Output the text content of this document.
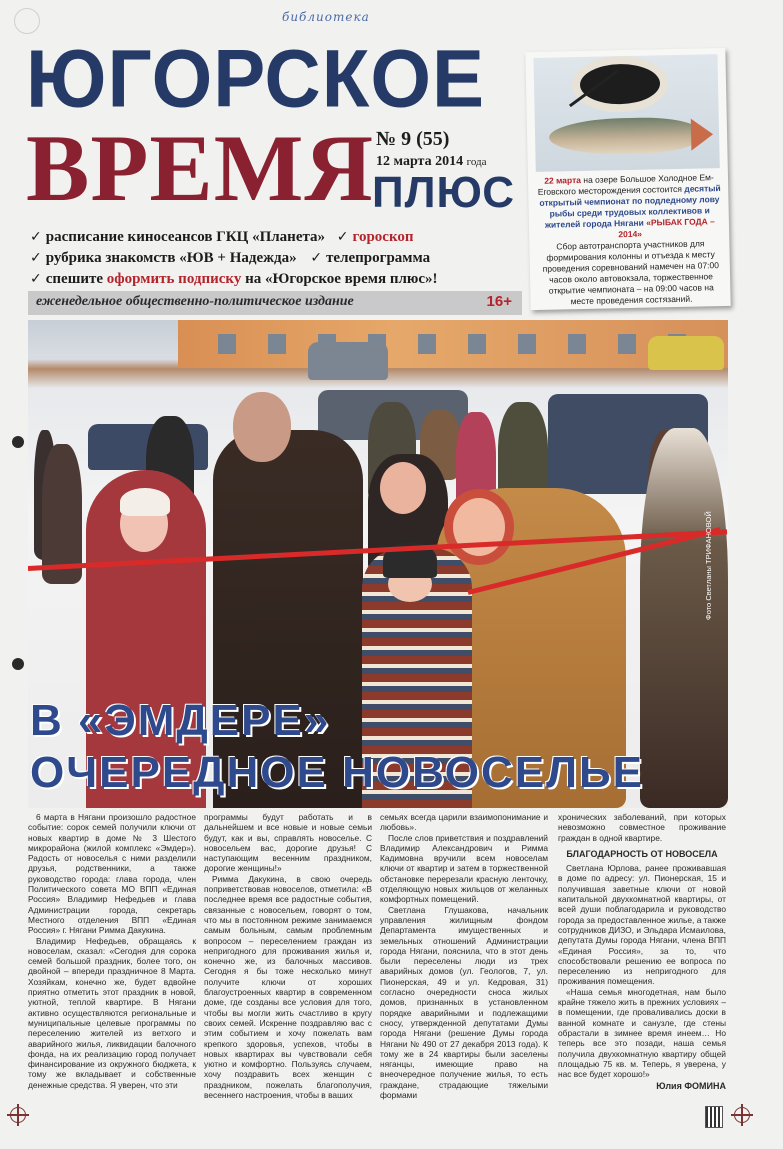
библиотека
ЮГОРСКОЕ
ВРЕМЯ № 9 (55)
12 марта 2014 года
ПЛЮС
✓ расписание киносеансов ГКЦ «Планета» ✓ гороскоп
✓ рубрика знакомств «ЮВ + Надежда» ✓ телепрограмма
✓ спешите оформить подписку на «Югорское время плюс»!
еженедельное общественно-политическое издание	16+
22 марта на озере Большое Холодное Ем-Еговского месторождения состоится десятый открытый чемпионат по подледному лову рыбы среди трудовых коллективов и жителей города Нягани «РЫБАК ГОДА – 2014»
Сбор автотранспорта участников для формирования колонны и отъезда к месту проведения соревнований намечен на 07:00 часов около автовокзала, торжественное открытие чемпионата – на 09:00 часов на месте проведения состязаний.
Фото Светланы ТРИФАНОВОЙ
В «ЭМДЕРЕ»
ОЧЕРЕДНОЕ НОВОСЕЛЬЕ

6 марта в Нягани произошло радостное событие: сорок семей получили ключи от новых квартир в доме № 3 Шестого микрорайона (жилой комплекс «Эмдер»). Радость от новоселья с ними разделили друзья, родственники, а также руководство города: глава города, член Политического совета МО ВПП «Единая Россия» Владимир Нефедьев и глава Администрации города, секретарь Местного отделения ВПП «Единая Россия» г. Нягани Римма Дакукина.

Владимир Нефедьев, обращаясь к новоселам, сказал: «Сегодня для сорока семей большой праздник, более того, он двойной – впереди праздничное 8 Марта. Хозяйкам, конечно же, будет вдвойне приятно отметить этот праздник в новой, уютной, теплой квартире. В Нягани активно осуществляются региональные и муниципальные целевые программы по переселению жителей из ветхого и аварийного жилья, ликвидации балочного фонда, на их реализацию город получает финансирование из окружного бюджета, к тому же вкладывает и собственные денежные средства. Я уверен, что эти

программы будут работать и в дальнейшем и все новые и новые семьи будут, как и вы, справлять новоселье. С новосельем вас, дорогие друзья! С наступающим весенним праздником, дорогие женщины!»

Римма Дакукина, в свою очередь поприветствовав новоселов, отметила: «В последнее время все радостные события, связанные с новосельем, говорят о том, что мы в постоянном режиме занимаемся самым больным, самым проблемным вопросом – переселением граждан из непригодного для проживания жилья и, конечно же, из балочных массивов. Сегодня я бы тоже несколько минут получите ключи от хороших благоустроенных квартир в современном доме, где созданы все условия для того, чтобы вы могли жить счастливо в кругу своих семей. Искренне поздравляю вас с этим событием и хочу пожелать вам крепкого здоровья, успехов, чтобы в новых квартирах вы чувствовали себя уютно и комфортно. Пользуясь случаем, хочу поздравить всех женщин с праздником, пожелать благополучия, весеннего настроения, чтобы в ваших

семьях всегда царили взаимопонимание и любовь».

После слов приветствия и поздравлений Владимир Александрович и Римма Кадимовна вручили всем новоселам ключи от квартир и затем в торжественной обстановке перерезали красную ленточку, отделяющую новых жильцов от желанных комфортных помещений.

Светлана Глушакова, начальник управления жилищным фондом Департамента имущественных и земельных отношений Администрации города Нягани, пояснила, что в этот день были переселены люди из трех аварийных домов (ул. Геологов, 7, ул. Пионерская, 49 и ул. Кедровая, 31) согласно очередности сноса жилых домов, признанных в установленном порядке аварийными и подлежащими сносу, утвержденной депутатами Думы города Нягани (решение Думы города Нягани № 490 от 27 декабря 2013 года). К тому же в 24 квартиры были заселены няганцы, имеющие право на внеочередное получение жилья, то есть граждане, страдающие тяжелыми формами

хронических заболеваний, при которых невозможно совместное проживание граждан в одной квартире.

БЛАГОДАРНОСТЬ ОТ НОВОСЕЛА

Светлана Юрлова, ранее проживавшая в доме по адресу: ул. Пионерская, 15 и получившая заветные ключи от новой капитальной двухкомнатной квартиры, от всей души поблагодарила и руководство города за предоставленное жилье, а также сотрудников ДИЗО, и Эльдара Исмаилова, депутата Думы города Нягани, члена ВПП «Единая Россия», за то, что способствовали решению ее вопроса по переселению из непригодного для проживания помещения.

«Наша семья многодетная, нам было крайне тяжело жить в прежних условиях – в помещении, где проваливались доски в ванной комнате и санузле, где стены обрастали в зимнее время инеем… Но теперь все это позади, наша семья получила двухкомнатную квартиру общей площадью 75 кв. м. Теперь, я уверена, у нас все будет хорошо!»

Юлия ФОМИНА
